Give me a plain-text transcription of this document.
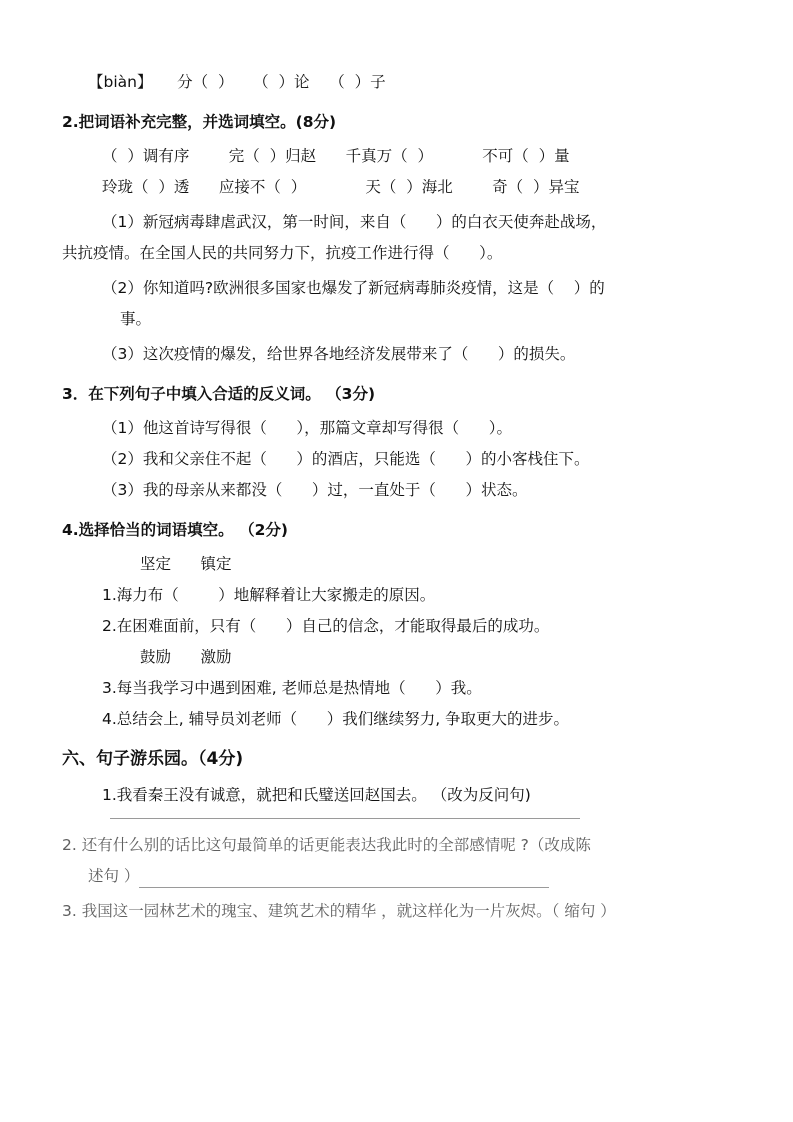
【biàn】     分（  ）    （  ）论    （  ）子

2.把词语补充完整，并选词填空。(8分)

（  ）调有序        完（  ）归赵      千真万（  ）          不可（  ）量

玲珑（  ）透      应接不（  ）            天（  ）海北        奇（  ）异宝

（1）新冠病毒肆虐武汉，第一时间，来自（      ）的白衣天使奔赴战场，

共抗疫情。在全国人民的共同努力下，抗疫工作进行得（      ）。

（2）你知道吗?欧洲很多国家也爆发了新冠病毒肺炎疫情，这是（    ）的

事。

（3）这次疫情的爆发，给世界各地经济发展带来了（      ）的损失。

3．在下列句子中填入合适的反义词。 （3分)

（1）他这首诗写得很（      ），那篇文章却写得很（      ）。

（2）我和父亲住不起（      ）的酒店，只能选（      ）的小客栈住下。

（3）我的母亲从来都没（      ）过，一直处于（      ）状态。

4.选择恰当的词语填空。 （2分)

坚定      镇定

1.海力布（        ）地解释着让大家搬走的原因。

2.在困难面前，只有（      ）自己的信念，才能取得最后的成功。

鼓励      激励

3.每当我学习中遇到困难, 老师总是热情地（      ）我。

4.总结会上, 辅导员刘老师（      ）我们继续努力, 争取更大的进步。

六、句子游乐园。（4分)

1.我看秦王没有诚意，就把和氏璧送回赵国去。 （改为反问句)

2. 还有什么别的话比这句最简单的话更能表达我此时的全部感情呢 ?（改成陈

述句 ）

3. 我国这一园林艺术的瑰宝、建筑艺术的精华 ，就这样化为一片灰烬。（ 缩句 ）
